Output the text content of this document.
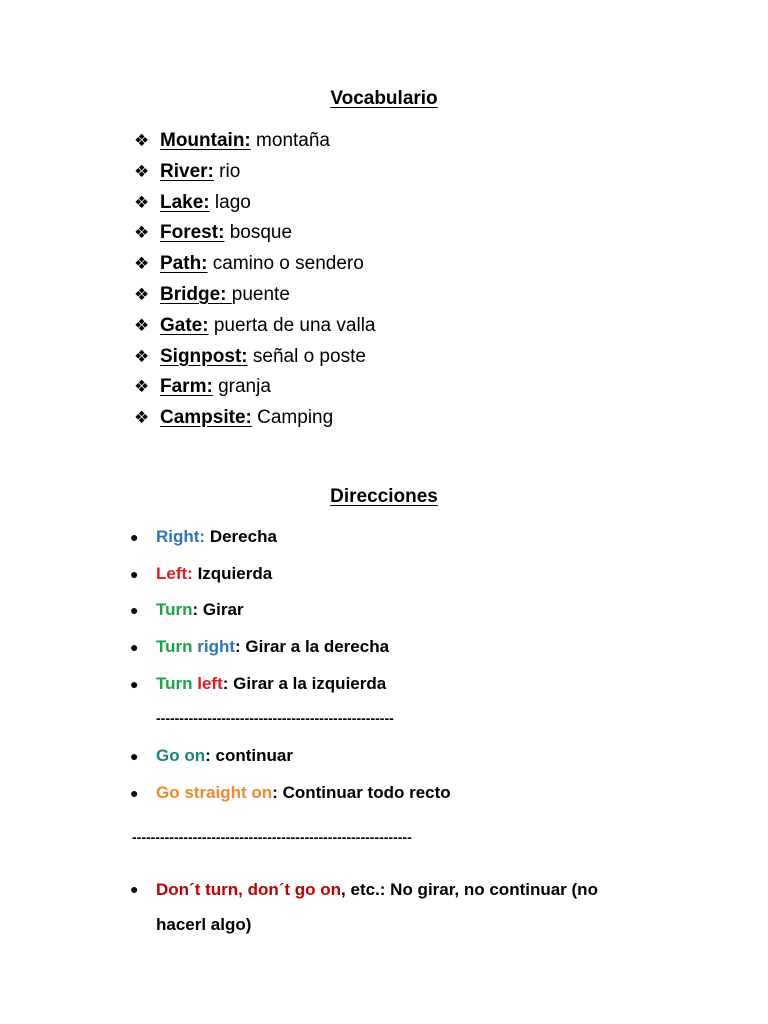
Vocabulario
❖ Mountain: montaña
❖ River: rio
❖ Lake: lago
❖ Forest: bosque
❖ Path: camino o sendero
❖ Bridge: puente
❖ Gate: puerta de una valla
❖ Signpost: señal o poste
❖ Farm: granja
❖ Campsite: Camping
Direcciones
● Right: Derecha
● Left: Izquierda
● Turn: Girar
● Turn right: Girar a la derecha
● Turn left: Girar a la izquierda
---------------------------------------------------
● Go on: continuar
● Go straight on: Continuar todo recto
------------------------------------------------------------
●	Don´t turn, don´t go on, etc.: No girar, no continuar (no
hacerl algo)
